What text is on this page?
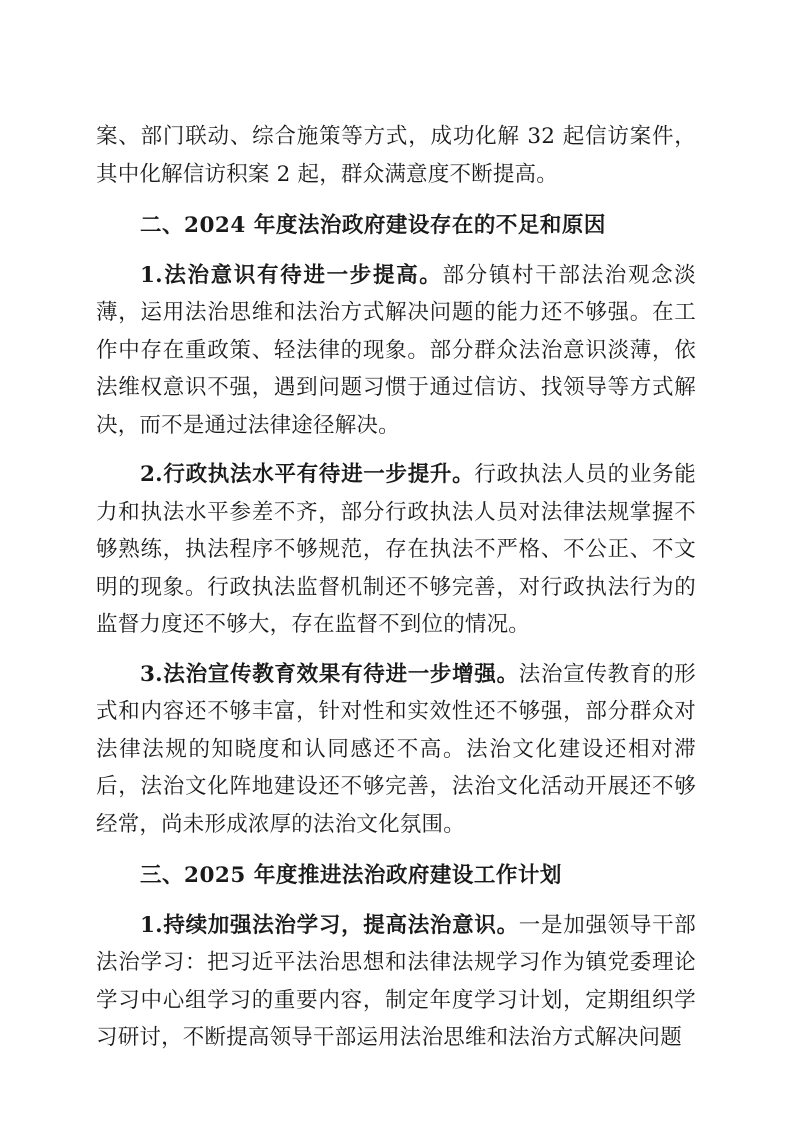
案、部门联动、综合施策等方式，成功化解 32 起信访案件，其中化解信访积案 2 起，群众满意度不断提高。

二、2024 年度法治政府建设存在的不足和原因

1.法治意识有待进一步提高。部分镇村干部法治观念淡薄，运用法治思维和法治方式解决问题的能力还不够强。在工作中存在重政策、轻法律的现象。部分群众法治意识淡薄，依法维权意识不强，遇到问题习惯于通过信访、找领导等方式解决，而不是通过法律途径解决。

2.行政执法水平有待进一步提升。行政执法人员的业务能力和执法水平参差不齐，部分行政执法人员对法律法规掌握不够熟练，执法程序不够规范，存在执法不严格、不公正、不文明的现象。行政执法监督机制还不够完善，对行政执法行为的监督力度还不够大，存在监督不到位的情况。

3.法治宣传教育效果有待进一步增强。法治宣传教育的形式和内容还不够丰富，针对性和实效性还不够强，部分群众对法律法规的知晓度和认同感还不高。法治文化建设还相对滞后，法治文化阵地建设还不够完善，法治文化活动开展还不够经常，尚未形成浓厚的法治文化氛围。

三、2025 年度推进法治政府建设工作计划

1.持续加强法治学习，提高法治意识。一是加强领导干部法治学习：把习近平法治思想和法律法规学习作为镇党委理论学习中心组学习的重要内容，制定年度学习计划，定期组织学习研讨，不断提高领导干部运用法治思维和法治方式解决问题
